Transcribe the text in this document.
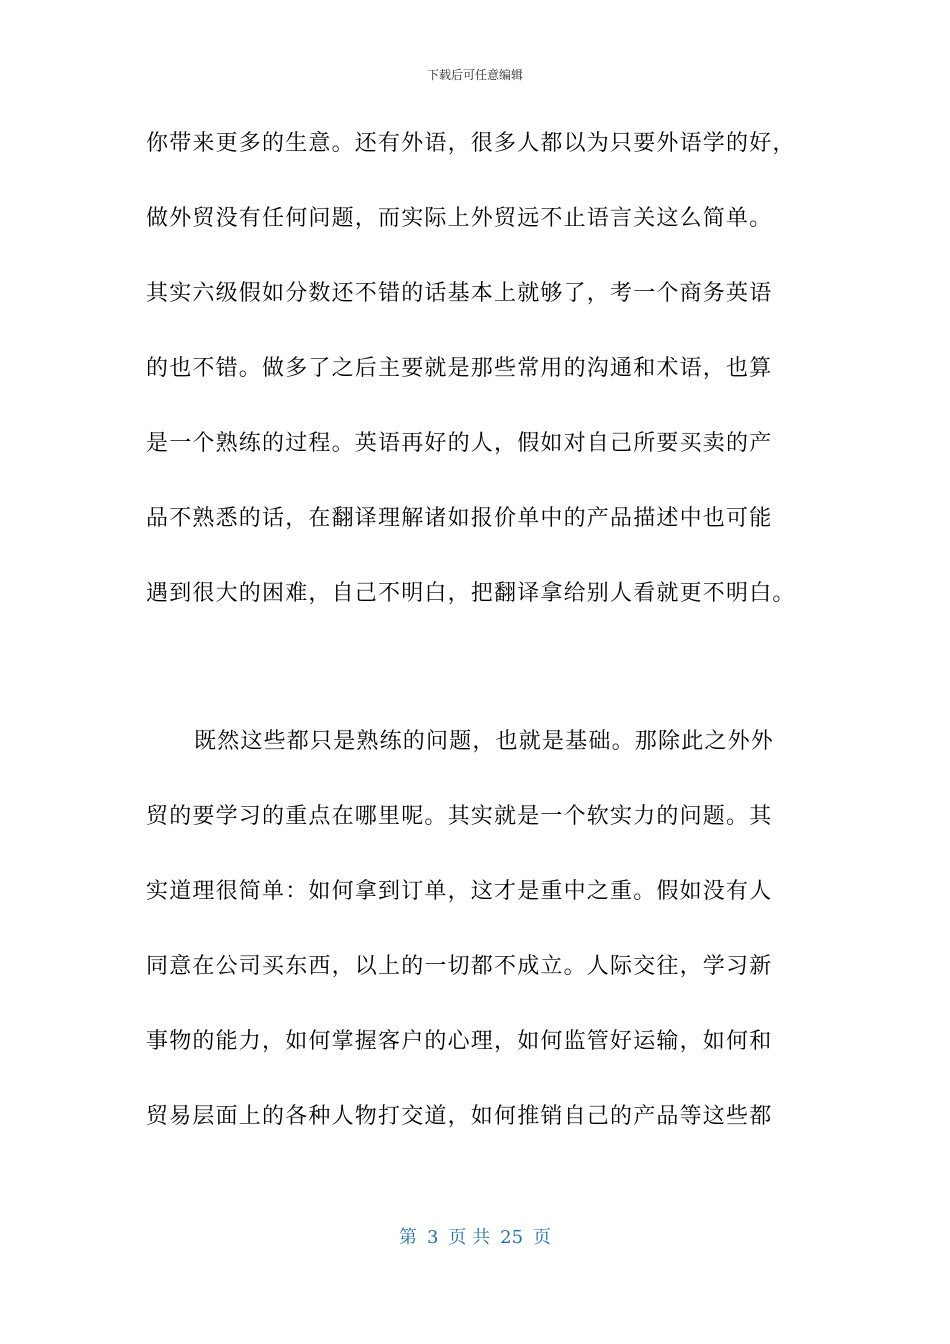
下载后可任意编辑
你带来更多的生意。还有外语，很多人都以为只要外语学的好，
做外贸没有任何问题，而实际上外贸远不止语言关这么简单。
其实六级假如分数还不错的话基本上就够了，考一个商务英语
的也不错。做多了之后主要就是那些常用的沟通和术语，也算
是一个熟练的过程。英语再好的人，假如对自己所要买卖的产
品不熟悉的话，在翻译理解诸如报价单中的产品描述中也可能
遇到很大的困难，自己不明白，把翻译拿给别人看就更不明白。
既然这些都只是熟练的问题，也就是基础。那除此之外外
贸的要学习的重点在哪里呢。其实就是一个软实力的问题。其
实道理很简单：如何拿到订单，这才是重中之重。假如没有人
同意在公司买东西，以上的一切都不成立。人际交往，学习新
事物的能力，如何掌握客户的心理，如何监管好运输，如何和
贸易层面上的各种人物打交道，如何推销自己的产品等这些都
第 3 页 共 25 页
